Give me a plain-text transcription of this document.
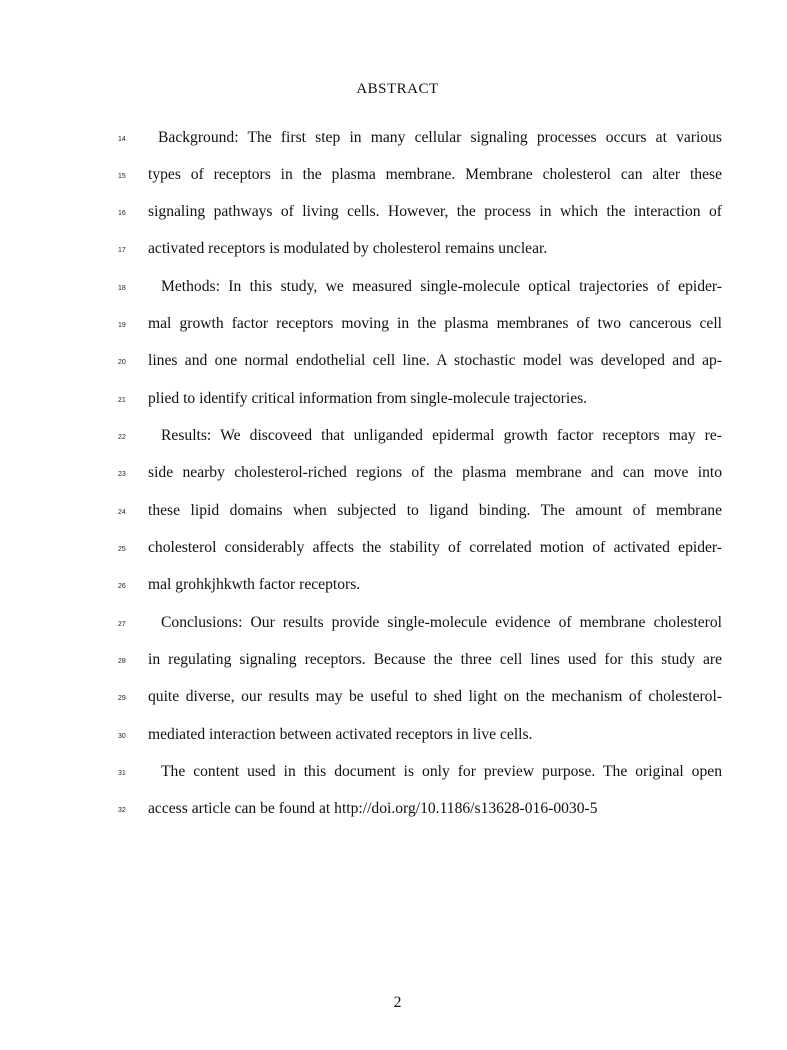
ABSTRACT
14	Background: The first step in many cellular signaling processes occurs at various
15	types of receptors in the plasma membrane. Membrane cholesterol can alter these
16	signaling pathways of living cells. However, the process in which the interaction of
17	activated receptors is modulated by cholesterol remains unclear.
18	Methods: In this study, we measured single-molecule optical trajectories of epider-
19	mal growth factor receptors moving in the plasma membranes of two cancerous cell
20	lines and one normal endothelial cell line. A stochastic model was developed and ap-
21	plied to identify critical information from single-molecule trajectories.
22	Results: We discoveed that unliganded epidermal growth factor receptors may re-
23	side nearby cholesterol-riched regions of the plasma membrane and can move into
24	these lipid domains when subjected to ligand binding. The amount of membrane
25	cholesterol considerably affects the stability of correlated motion of activated epider-
26	mal grohkjhkwth factor receptors.
27	Conclusions: Our results provide single-molecule evidence of membrane cholesterol
28	in regulating signaling receptors. Because the three cell lines used for this study are
29	quite diverse, our results may be useful to shed light on the mechanism of cholesterol-
30	mediated interaction between activated receptors in live cells.
31	The content used in this document is only for preview purpose. The original open
32	access article can be found at http://doi.org/10.1186/s13628-016-0030-5
2
